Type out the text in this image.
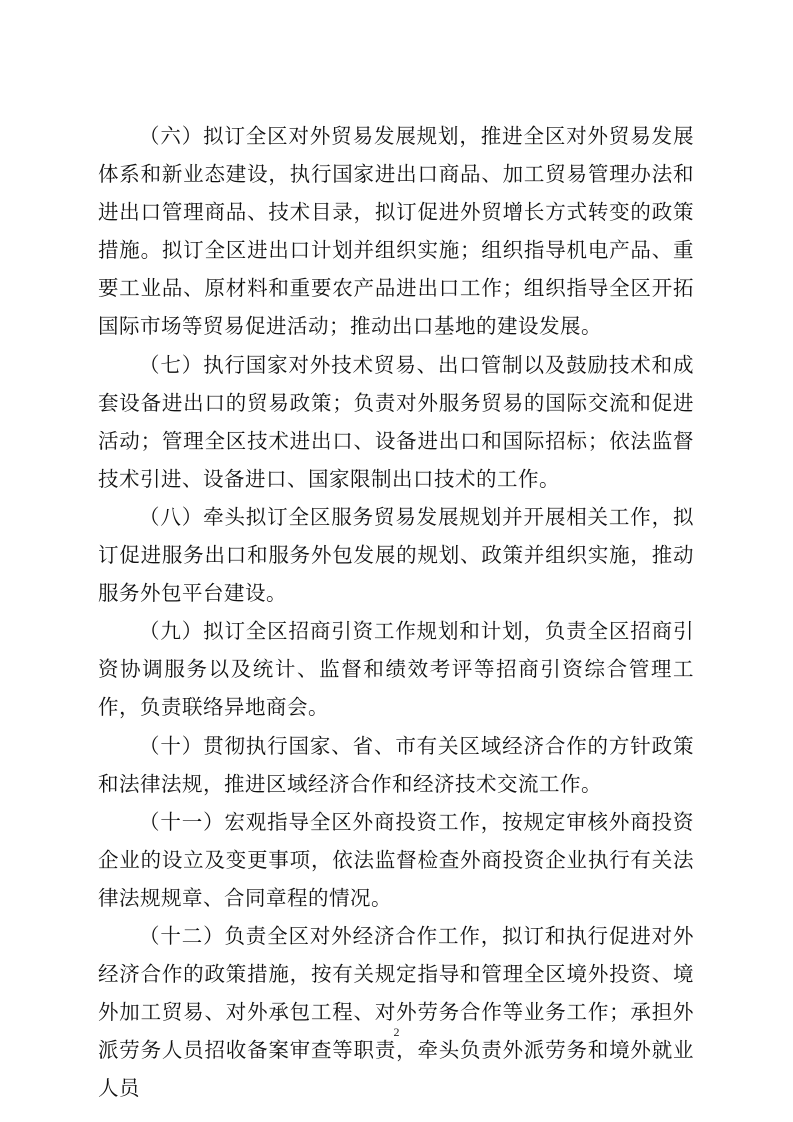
（六）拟订全区对外贸易发展规划，推进全区对外贸易发展体系和新业态建设，执行国家进出口商品、加工贸易管理办法和进出口管理商品、技术目录，拟订促进外贸增长方式转变的政策措施。拟订全区进出口计划并组织实施；组织指导机电产品、重要工业品、原材料和重要农产品进出口工作；组织指导全区开拓国际市场等贸易促进活动；推动出口基地的建设发展。

（七）执行国家对外技术贸易、出口管制以及鼓励技术和成套设备进出口的贸易政策；负责对外服务贸易的国际交流和促进活动；管理全区技术进出口、设备进出口和国际招标；依法监督技术引进、设备进口、国家限制出口技术的工作。

（八）牵头拟订全区服务贸易发展规划并开展相关工作，拟订促进服务出口和服务外包发展的规划、政策并组织实施，推动服务外包平台建设。

（九）拟订全区招商引资工作规划和计划，负责全区招商引资协调服务以及统计、监督和绩效考评等招商引资综合管理工作，负责联络异地商会。

（十）贯彻执行国家、省、市有关区域经济合作的方针政策和法律法规，推进区域经济合作和经济技术交流工作。

（十一）宏观指导全区外商投资工作，按规定审核外商投资企业的设立及变更事项，依法监督检查外商投资企业执行有关法律法规规章、合同章程的情况。

（十二）负责全区对外经济合作工作，拟订和执行促进对外经济合作的政策措施，按有关规定指导和管理全区境外投资、境外加工贸易、对外承包工程、对外劳务合作等业务工作；承担外派劳务人员招收备案审查等职责，牵头负责外派劳务和境外就业人员

2
